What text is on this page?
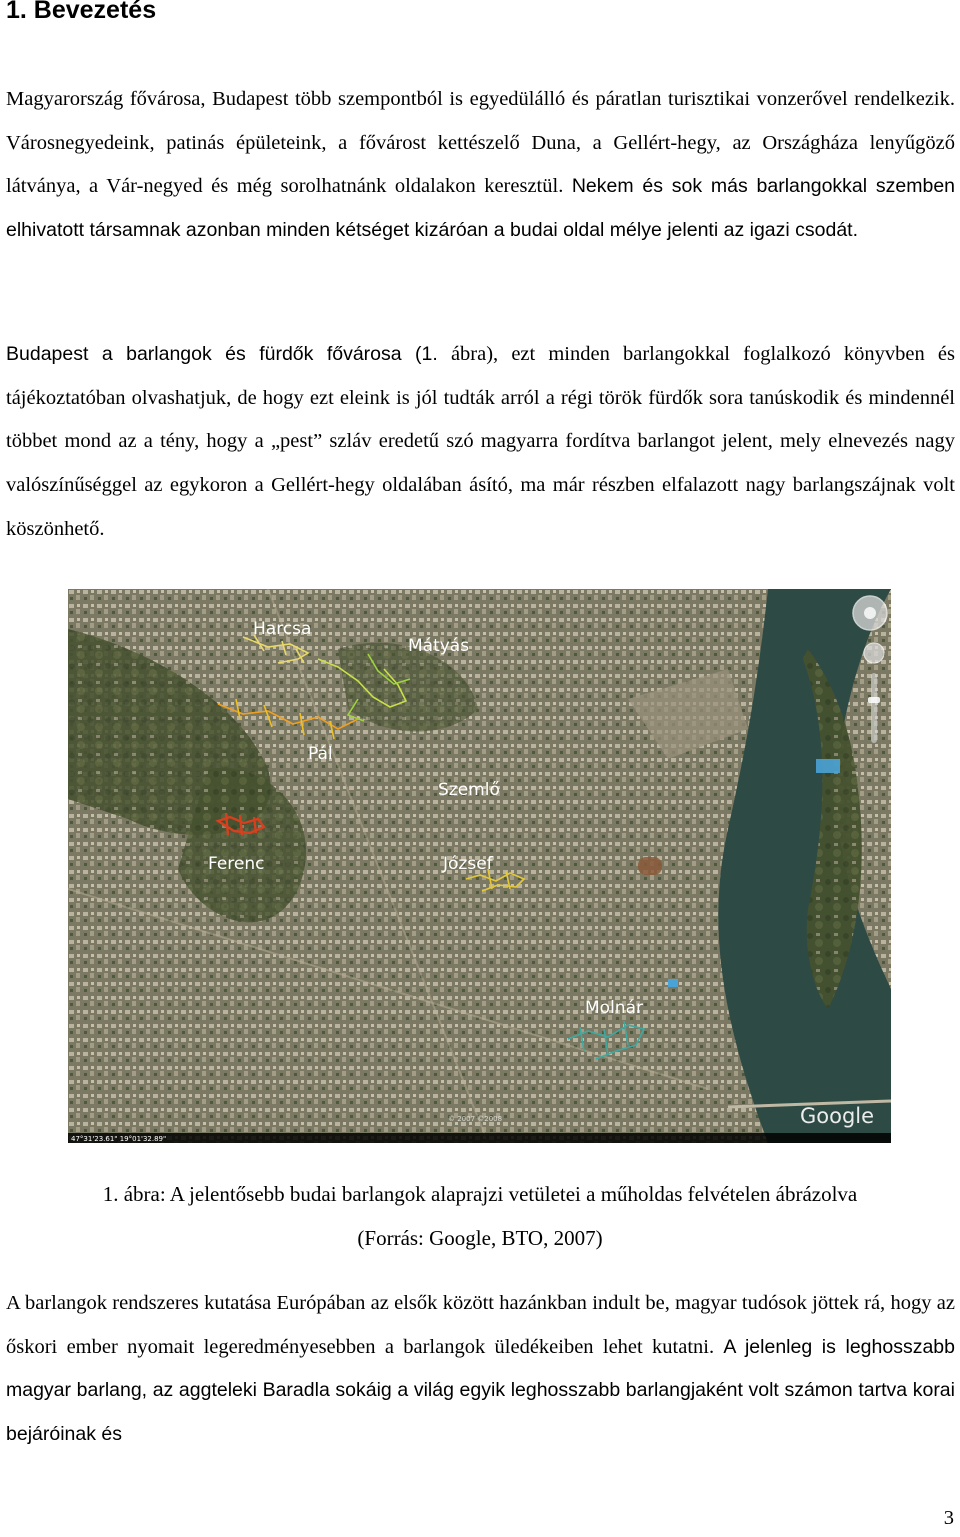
1. Bevezetés

Magyarország fővárosa, Budapest több szempontból is egyedülálló és páratlan turisztikai vonzerővel rendelkezik. Városnegyedeink, patinás épületeink, a fővárost kettészelő Duna, a Gellért-hegy, az Országháza lenyűgöző látványa, a Vár-negyed és még sorolhatnánk oldalakon keresztül. Nekem és sok más barlangokkal szemben elhivatott társamnak azonban minden kétséget kizáróan a budai oldal mélye jelenti az igazi csodát.

Budapest a barlangok és fürdők fővárosa (1. ábra), ezt minden barlangokkal foglalkozó könyvben és tájékoztatóban olvashatjuk, de hogy ezt eleink is jól tudták arról a régi török fürdők sora tanúskodik és mindennél többet mond az a tény, hogy a „pest” szláv eredetű szó magyarra fordítva barlangot jelent, mely elnevezés nagy valószínűséggel az egykoron a Gellért-hegy oldalában ásító, ma már részben elfalazott nagy barlangszájnak volt köszönhető.

Harcsa
Mátyás
Pál
Szemlő
Ferenc	József
Molnár
Google
© 2007 ©2008
47°31'23.61" 19°01'32.89"

1. ábra: A jelentősebb budai barlangok alaprajzi vetületei a műholdas felvételen ábrázolva

(Forrás: Google, BTO, 2007)

A barlangok rendszeres kutatása Európában az elsők között hazánkban indult be, magyar tudósok jöttek rá, hogy az őskori ember nyomait legeredményesebben a barlangok üledékeiben lehet kutatni. A jelenleg is leghosszabb magyar barlang, az aggteleki Baradla sokáig a világ egyik leghosszabb barlangjaként volt számon tartva korai bejáróinak és

3
